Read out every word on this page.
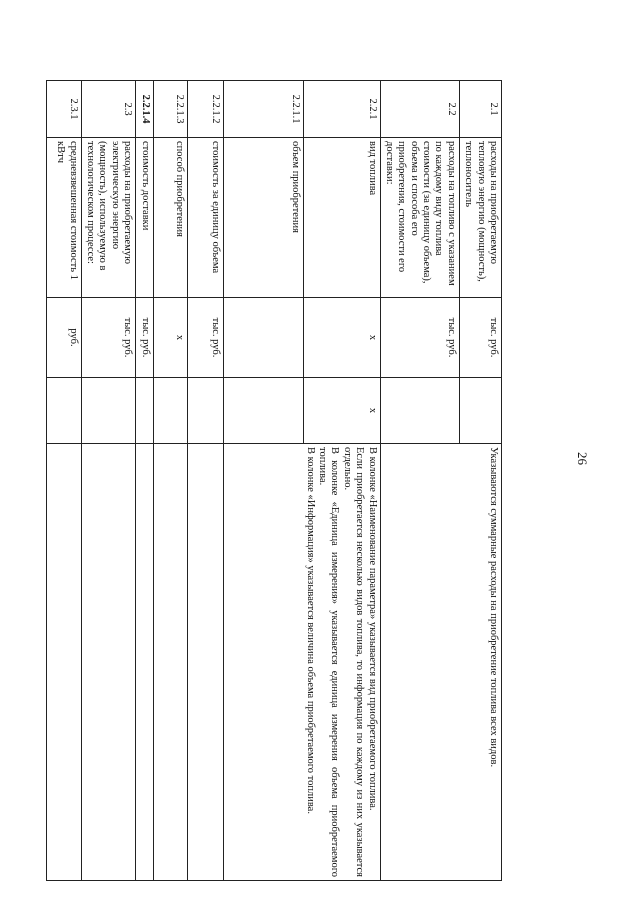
26
2.1	расходы на приобретаемую тепловую энергию (мощность), теплоноситель	тыс. руб.		Указываются суммарные расходы на приобретение топлива всех видов.

2.2	расходы на топливо с указанием по каждому виду топлива стоимости (за единицу объема), объема и способа его приобретения, стоимости его доставки:	тыс. руб.		
2.2.1	вид топлива	x	x	В колонке «Наименование параметра» указывается вид приобретаемого топлива.

Если приобретается несколько видов топлива, то информация по каждому из них указывается отдельно.

В колонке «Единица измерения» указывается единица измерения объема приобретаемого топлива.

В колонке «Информация» указывается величина объема приобретаемого топлива.

2.2.1.1	объем приобретения			
2.2.1.2	стоимость за единицу объема	тыс. руб.		
2.2.1.3	способ приобретения	x		
2.2.1.4	стоимость доставки	тыс. руб.		
2.3	расходы на приобретаемую электрическую энергию (мощность), используемую в технологическом процессе:	тыс. руб.		
2.3.1	средневзвешенная стоимость 1 кВтч	руб.		
